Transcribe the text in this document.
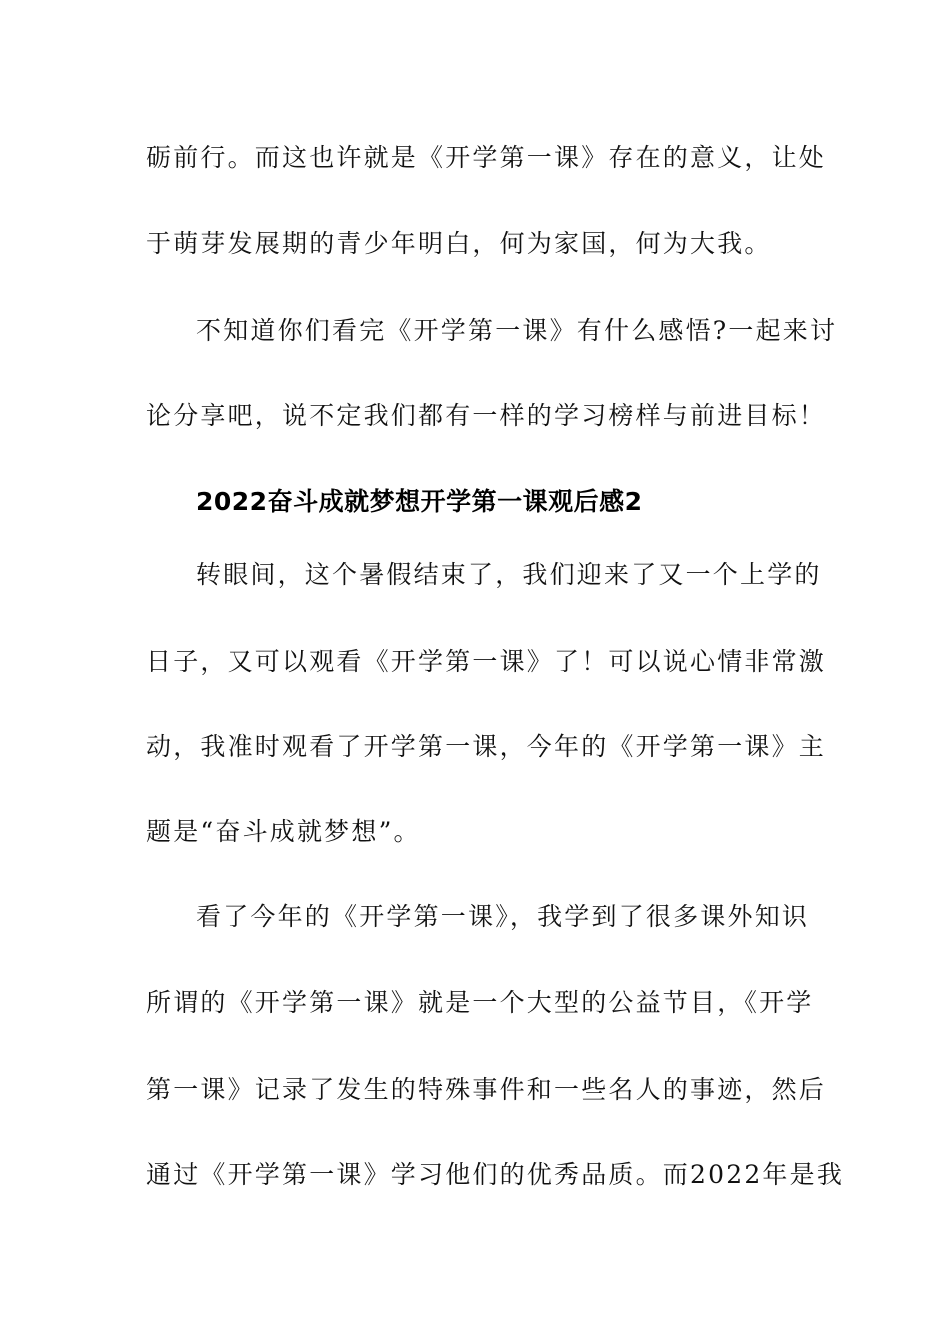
砺前行。而这也许就是《开学第一课》存在的意义，让处
于萌芽发展期的青少年明白，何为家国，何为大我。
不知道你们看完《开学第一课》有什么感悟?一起来讨
论分享吧，说不定我们都有一样的学习榜样与前进目标！
2022奋斗成就梦想开学第一课观后感2
转眼间，这个暑假结束了，我们迎来了又一个上学的
日子，又可以观看《开学第一课》了！可以说心情非常激
动，我准时观看了开学第一课，今年的《开学第一课》主
题是“奋斗成就梦想”。
看了今年的《开学第一课》，我学到了很多课外知识
所谓的《开学第一课》就是一个大型的公益节目，《开学
第一课》记录了发生的特殊事件和一些名人的事迹，然后
通过《开学第一课》学习他们的优秀品质。而2022年是我
